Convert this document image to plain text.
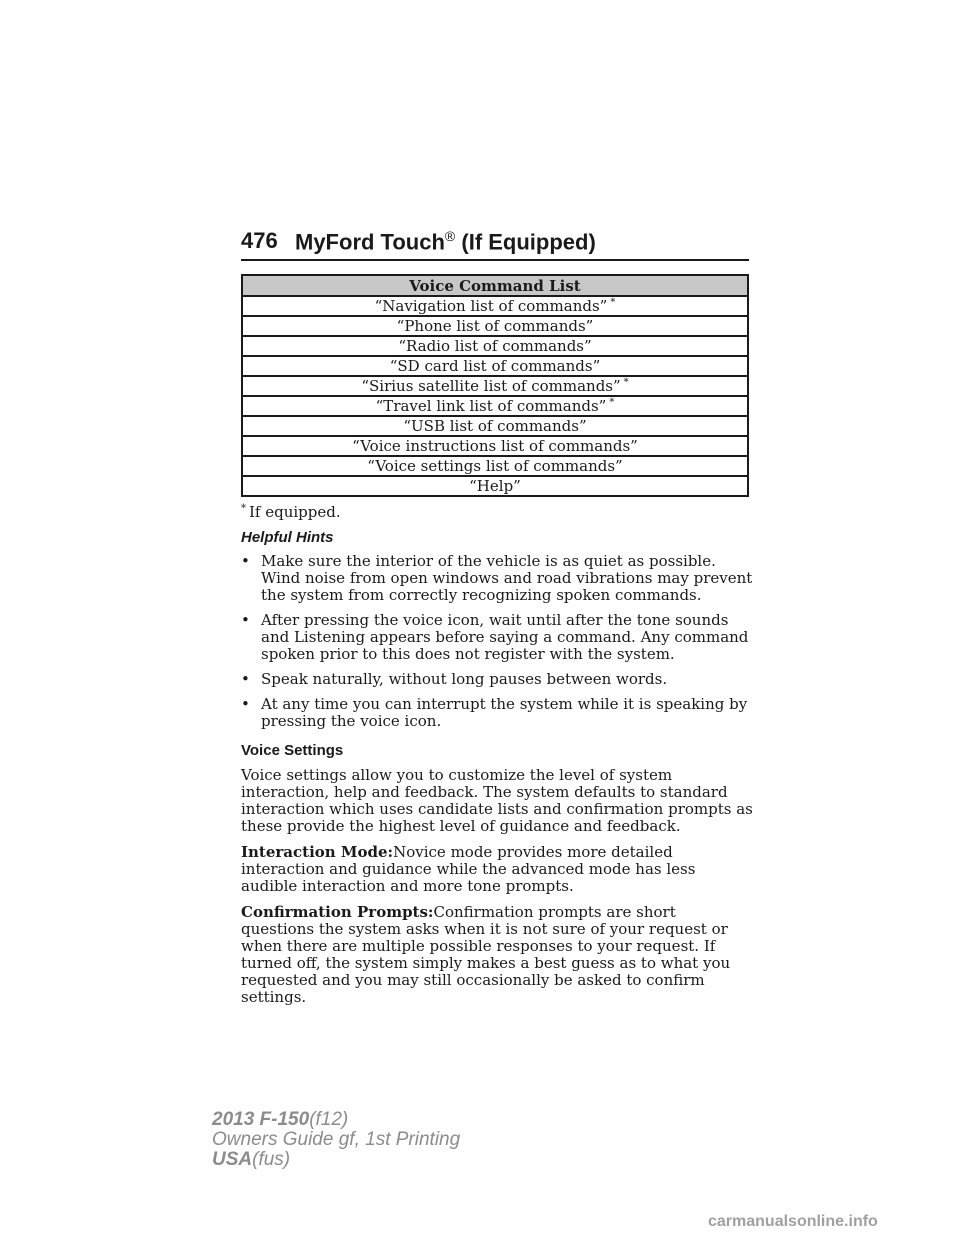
476 MyFord Touch® (If Equipped)
Voice Command List
“Navigation list of commands” *
“Phone list of commands”
“Radio list of commands”
“SD card list of commands”
“Sirius satellite list of commands” *
“Travel link list of commands” *
“USB list of commands”
“Voice instructions list of commands”
“Voice settings list of commands”
“Help”

* If equipped.

Helpful Hints
• Make sure the interior of the vehicle is as quiet as possible. Wind noise from open windows and road vibrations may prevent the system from correctly recognizing spoken commands.
• After pressing the voice icon, wait until after the tone sounds and Listening appears before saying a command. Any command spoken prior to this does not register with the system.
• Speak naturally, without long pauses between words.
• At any time you can interrupt the system while it is speaking by pressing the voice icon.
Voice Settings

Voice settings allow you to customize the level of system interaction, help and feedback. The system defaults to standard interaction which uses candidate lists and confirmation prompts as these provide the highest level of guidance and feedback.

Interaction Mode:Novice mode provides more detailed interaction and guidance while the advanced mode has less audible interaction and more tone prompts.

Confirmation Prompts:Confirmation prompts are short questions the system asks when it is not sure of your request or when there are multiple possible responses to your request. If turned off, the system simply makes a best guess as to what you requested and you may still occasionally be asked to confirm settings.

2013 F-150(f12)
Owners Guide gf, 1st Printing
USA(fus)
carmanualsonline.info
